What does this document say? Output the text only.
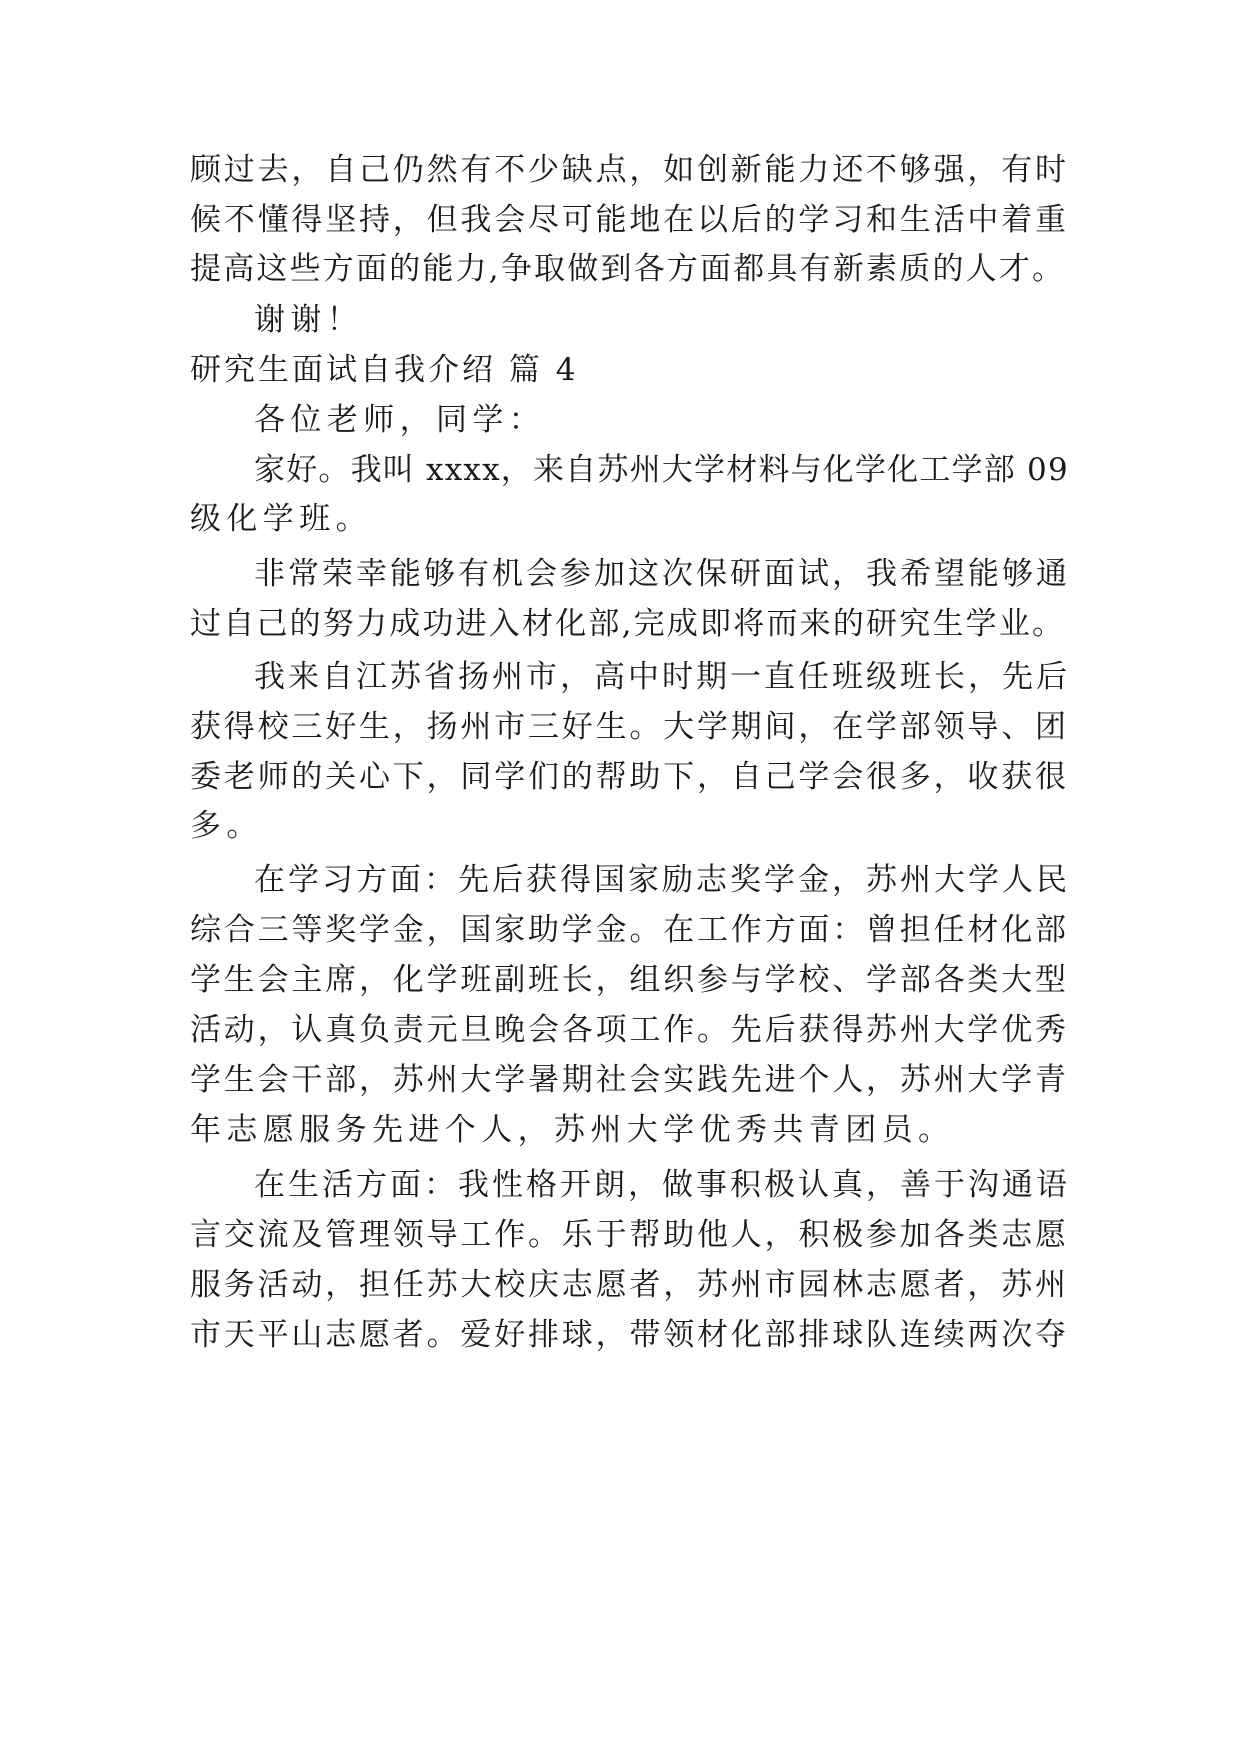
顾过去，自己仍然有不少缺点，如创新能力还不够强，有时
候不懂得坚持，但我会尽可能地在以后的学习和生活中着重
提高这些方面的能力,争取做到各方面都具有新素质的人才。
谢谢！
研究生面试自我介绍 篇 4
各位老师，同学：
家好。我叫 xxxx，来自苏州大学材料与化学化工学部 09
级化学班。
非常荣幸能够有机会参加这次保研面试，我希望能够通
过自己的努力成功进入材化部,完成即将而来的研究生学业。
我来自江苏省扬州市，高中时期一直任班级班长，先后
获得校三好生，扬州市三好生。大学期间，在学部领导、团
委老师的关心下，同学们的帮助下，自己学会很多，收获很
多。
在学习方面：先后获得国家励志奖学金，苏州大学人民
综合三等奖学金，国家助学金。在工作方面：曾担任材化部
学生会主席，化学班副班长，组织参与学校、学部各类大型
活动，认真负责元旦晚会各项工作。先后获得苏州大学优秀
学生会干部，苏州大学暑期社会实践先进个人，苏州大学青
年志愿服务先进个人，苏州大学优秀共青团员。
在生活方面：我性格开朗，做事积极认真，善于沟通语
言交流及管理领导工作。乐于帮助他人，积极参加各类志愿
服务活动，担任苏大校庆志愿者，苏州市园林志愿者，苏州
市天平山志愿者。爱好排球，带领材化部排球队连续两次夺
